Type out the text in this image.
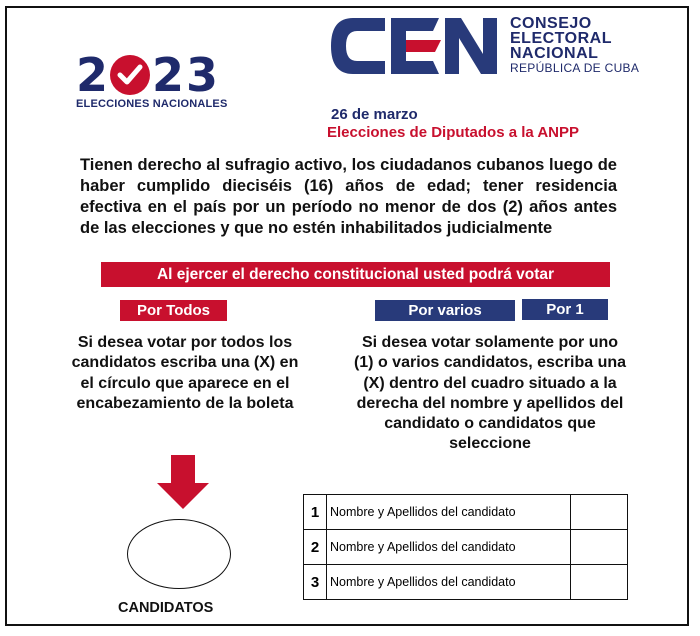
2 23
ELECCIONES NACIONALES
CONSEJO
ELECTORAL
NACIONAL
REPÚBLICA DE CUBA
26 de marzo
Elecciones de Diputados a la ANPP
Tienen derecho al sufragio activo, los ciudadanos cubanos luego de haber cumplido dieciséis (16) años de edad; tener residencia efectiva en el país por un período no menor de dos (2) años antes de las elecciones y que no estén inhabilitados judicialmente
Al ejercer el derecho constitucional usted podrá votar
Por Todos	Por varios	Por 1
Si desea votar por todos los candidatos escriba una (X) en el círculo que aparece en el encabezamiento de la boleta
Si desea votar solamente por uno (1) o varios candidatos, escriba una (X) dentro del cuadro situado a la derecha del nombre y apellidos del candidato o candidatos que seleccione
CANDIDATOS
1	Nombre y Apellidos del candidato	
2	Nombre y Apellidos del candidato	
3	Nombre y Apellidos del candidato	
